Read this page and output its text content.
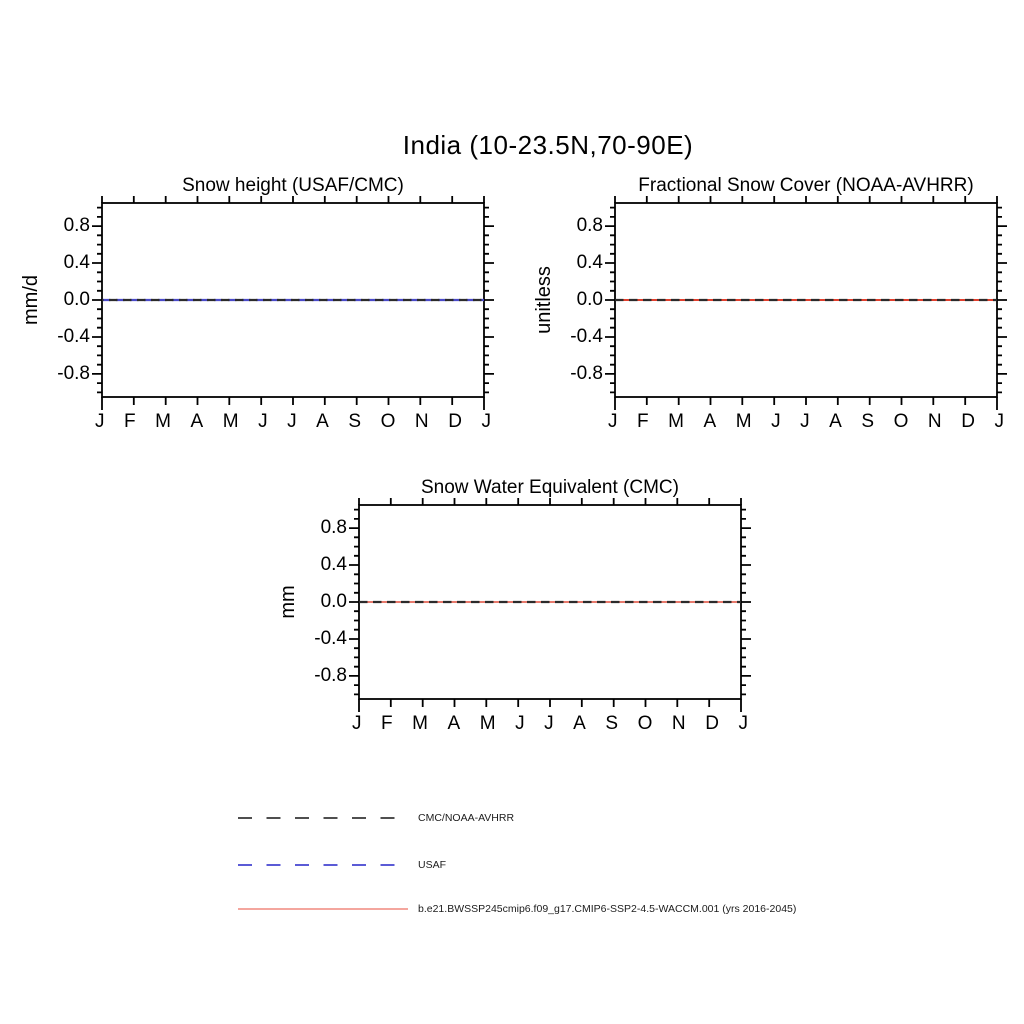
India (10-23.5N,70-90E)
Snow height (USAF/CMC)
mm/d
0.8
0.4
0.0
-0.4
-0.8
J F M A M J J A S O N D J
Fractional Snow Cover (NOAA-AVHRR)
unitless
0.8
0.4
0.0
-0.4
-0.8
J F M A M J J A S O N D J
Snow Water Equivalent (CMC)
mm
0.8
0.4
0.0
-0.4
-0.8
J F M A M J J A S O N D J
CMC/NOAA-AVHRR
USAF
b.e21.BWSSP245cmip6.f09_g17.CMIP6-SSP2-4.5-WACCM.001 (yrs 2016-2045)
